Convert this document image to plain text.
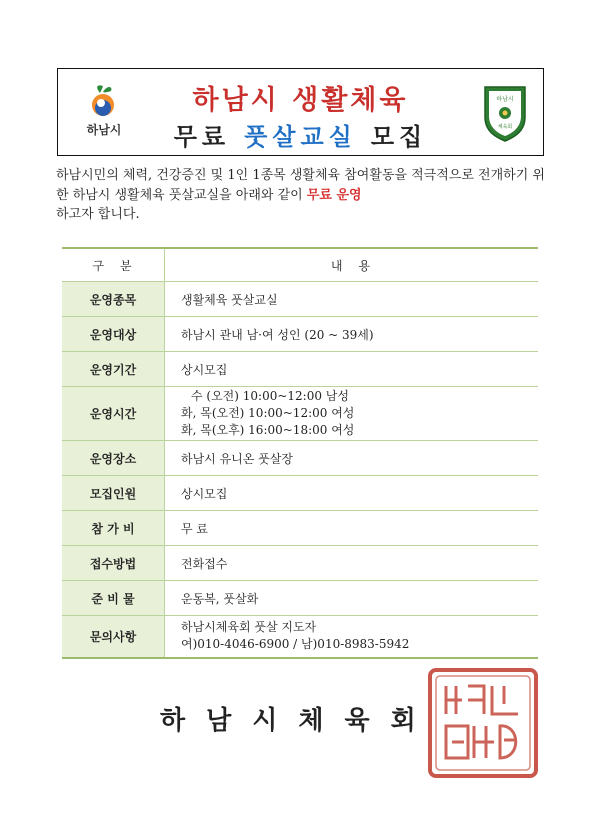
하남시
하남시 생활체육
무료 풋살교실 모집
하남시
체육회
하남시민의 체력, 건강증진 및 1인 1종목 생활체육 참여활동을 적극적으로 전개하기 위한 하남시 생활체육 풋살교실을 아래와 같이 무료 운영
하고자 합니다.
구　분	내　용
운영종목	생활체육 풋살교실
운영대상	하남시 관내 남·여 성인 (20 ~ 39세)
운영기간	상시모집
운영시간	수 (오전) 10:00~12:00 남성
화, 목(오전) 10:00~12:00 여성
화, 목(오후) 16:00~18:00 여성

운영장소	하남시 유니온 풋살장
모집인원	상시모집
참 가 비	무 료
접수방법	전화접수
준 비 물	운동복, 풋살화
문의사항	하남시체육회 풋살 지도자
여)010-4046-6900 / 남)010-8983-5942
하남시체육회
